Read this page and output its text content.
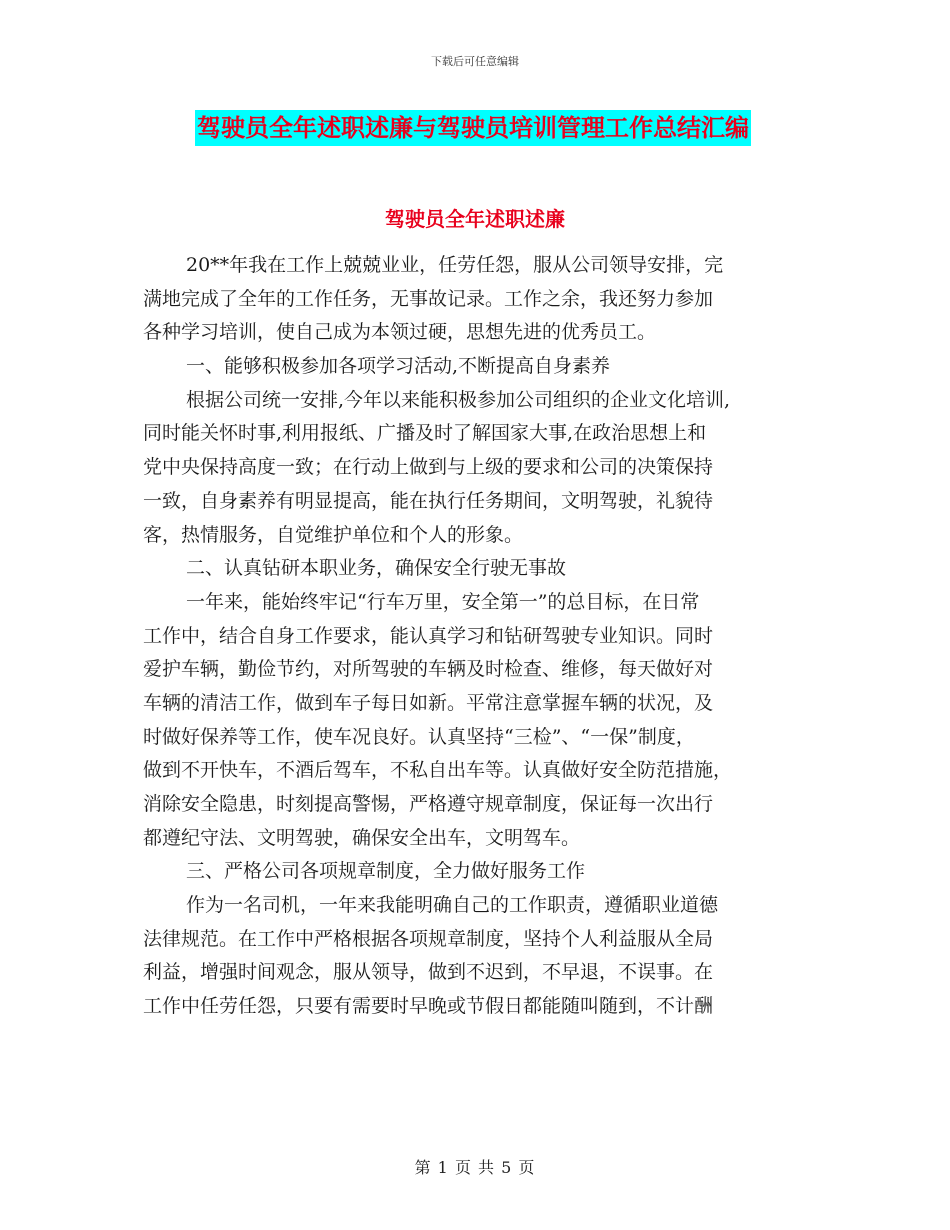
下载后可任意编辑
驾驶员全年述职述廉与驾驶员培训管理工作总结汇编
驾驶员全年述职述廉
20**年我在工作上兢兢业业，任劳任怨，服从公司领导安排，完
满地完成了全年的工作任务，无事故记录。工作之余，我还努力参加
各种学习培训，使自己成为本领过硬，思想先进的优秀员工。
一、能够积极参加各项学习活动,不断提高自身素养
根据公司统一安排,今年以来能积极参加公司组织的企业文化培训,
同时能关怀时事,利用报纸、广播及时了解国家大事,在政治思想上和
党中央保持高度一致；在行动上做到与上级的要求和公司的决策保持
一致，自身素养有明显提高，能在执行任务期间，文明驾驶，礼貌待
客，热情服务，自觉维护单位和个人的形象。
二、认真钻研本职业务，确保安全行驶无事故
一年来，能始终牢记“行车万里，安全第一”的总目标，在日常
工作中，结合自身工作要求，能认真学习和钻研驾驶专业知识。同时
爱护车辆，勤俭节约，对所驾驶的车辆及时检查、维修，每天做好对
车辆的清洁工作，做到车子每日如新。平常注意掌握车辆的状况，及
时做好保养等工作，使车况良好。认真坚持“三检”、“一保”制度，
做到不开快车，不酒后驾车，不私自出车等。认真做好安全防范措施，
消除安全隐患，时刻提高警惕，严格遵守规章制度，保证每一次出行
都遵纪守法、文明驾驶，确保安全出车，文明驾车。
三、严格公司各项规章制度，全力做好服务工作
作为一名司机，一年来我能明确自己的工作职责，遵循职业道德
法律规范。在工作中严格根据各项规章制度，坚持个人利益服从全局
利益，增强时间观念，服从领导，做到不迟到，不早退，不误事。在
工作中任劳任怨，只要有需要时早晚或节假日都能随叫随到，不计酬
第 1 页 共 5 页
